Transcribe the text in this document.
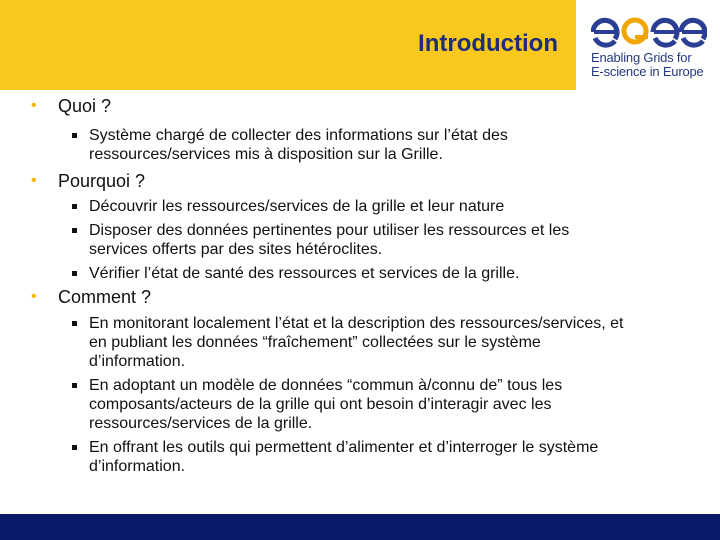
Introduction
Enabling Grids for
E-science in Europe
• Quoi ?
Système chargé de collecter des informations sur l’état des
ressources/services mis à disposition sur la Grille.
• Pourquoi ?
Découvrir les ressources/services de la grille et leur nature
Disposer des données pertinentes pour utiliser les ressources et les
services offerts par des sites hétéroclites.
Vérifier l’état de santé des ressources et services de la grille.
• Comment ?
En monitorant localement l’état et la description des ressources/services, et
en publiant les données “fraîchement” collectées sur le système
d’information.
En adoptant un modèle de données “commun à/connu de” tous les
composants/acteurs de la grille qui ont besoin d’interagir avec les
ressources/services de la grille.
En offrant les outils qui permettent d’alimenter et d’interroger le système
d’information.
